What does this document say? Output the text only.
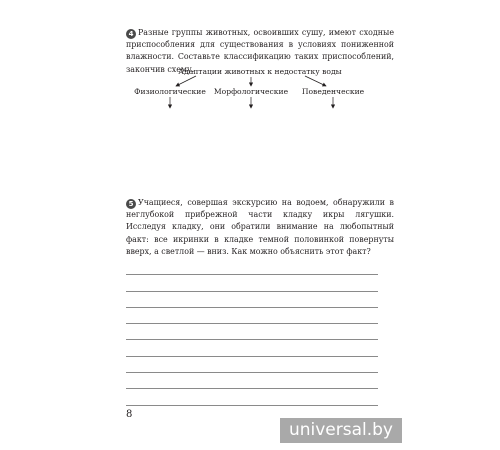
4 Разные группы животных, освоивших сушу, имеют сходные приспособления для существования в условиях пониженной влажности. Составьте классификацию таких приспособлений, закончив схему.

Адаптации животных к недостатку воды
Физиологические	Морфологические	Поведенческие

5 Учащиеся, совершая экскурсию на водоем, обнаружили в неглубокой прибрежной части кладку икры лягушки. Исследуя кладку, они обратили внимание на любопытный факт: все икринки в кладке темной половинкой повернуты вверх, а светлой — вниз. Как можно объяснить этот факт?

8
universal.by
